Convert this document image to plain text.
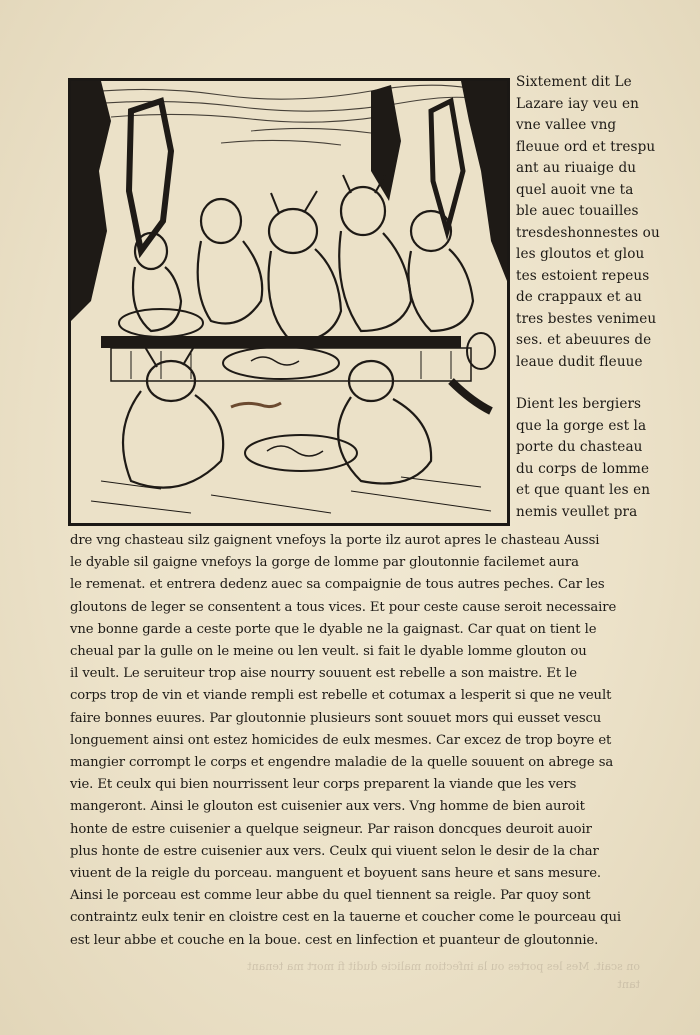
Sixtement dit Le
Lazare iay veu en
vne vallee vng
fleuue ord et trespu
ant au riuaige du
quel auoit vne ta
ble auec touailles
tresdeshonnestes ou
les gloutos et glou
tes estoient repeus
de crappaux et au
tres bestes venimeu
ses. et abeuures de
leaue dudit fleuue
Dient les bergiers
que la gorge est la
porte du chasteau
du corps de lomme
et que quant les en
nemis veullet pra
dre vng chasteau silz gaignent vnefoys la porte ilz aurot apres le chasteau Aussi
le dyable sil gaigne vnefoys la gorge de lomme par gloutonnie facilemet aura
le remenat. et entrera dedenz auec sa compaignie de tous autres peches. Car les
gloutons de leger se consentent a tous vices. Et pour ceste cause seroit necessaire
vne bonne garde a ceste porte que le dyable ne la gaignast. Car quat on tient le
cheual par la gulle on le meine ou len veult. si fait le dyable lomme glouton ou
il veult. Le seruiteur trop aise nourry souuent est rebelle a son maistre. Et le
corps trop de vin et viande rempli est rebelle et cotumax a lesperit si que ne veult
faire bonnes euures. Par gloutonnie plusieurs sont souuet mors qui eusset vescu
longuement ainsi ont estez homicides de eulx mesmes. Car excez de trop boyre et
mangier corrompt le corps et engendre maladie de la quelle souuent on abrege sa
vie. Et ceulx qui bien nourrissent leur corps preparent la viande que les vers
mangeront. Ainsi le glouton est cuisenier aux vers. Vng homme de bien auroit
honte de estre cuisenier a quelque seigneur. Par raison doncques deuroit auoir
plus honte de estre cuisenier aux vers. Ceulx qui viuent selon le desir de la char
viuent de la reigle du porceau. manguent et boyuent sans heure et sans mesure.
Ainsi le porceau est comme leur abbe du quel tiennent sa reigle. Par quoy sont
contraintz eulx tenir en cloistre cest en la tauerne et coucher come le pourceau qui
est leur abbe et couche en la boue. cest en linfection et puanteur de gloutonnie.
on scait. Mes les portes ou la infection malicie dudit fi mort ma tenant
tant
